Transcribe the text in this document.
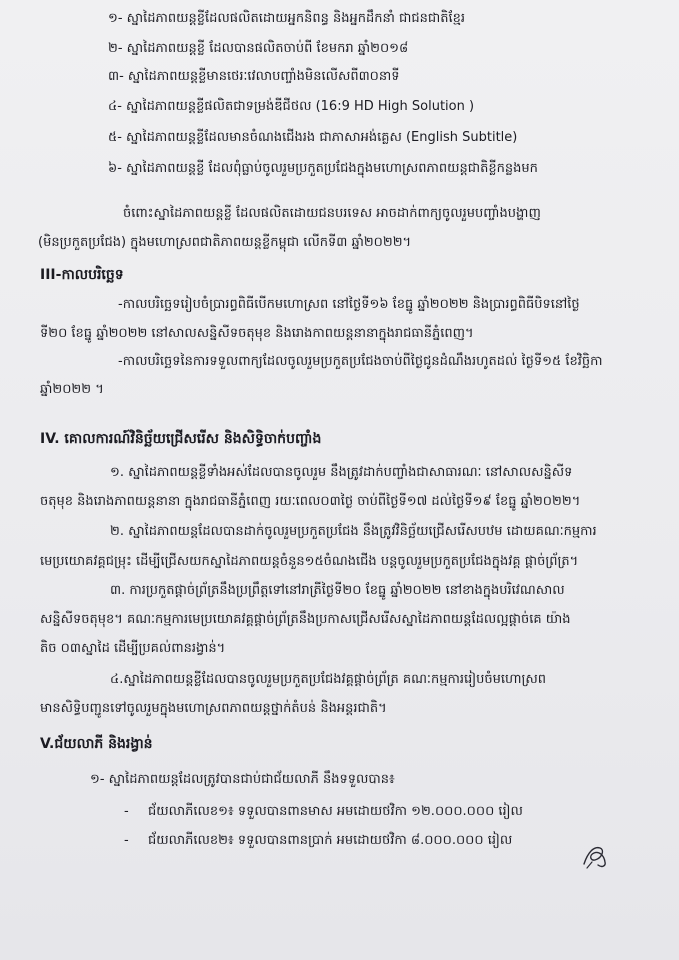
១- ស្នាដៃភាពយន្តខ្លីដែលផលិតដោយអ្នកនិពន្ធ និងអ្នកដឹកនាំ ជាជនជាតិខ្មែរ
២- ស្នាដៃភាពយន្តខ្លី ដែលបានផលិតចាប់ពី ខែមករា ឆ្នាំ២០១៨
៣- ស្នាដៃភាពយន្តខ្លីមានថេរៈវេលាបញ្ចាំងមិនលើសពី៣០នាទី
៤- ស្នាដៃភាពយន្តខ្លីផលិតជាទម្រង់ឌីជីថល (16:9 HD High Solution )
៥- ស្នាដៃភាពយន្តខ្លីដែលមានចំណងជើងរង ជាភាសាអង់គ្លេស (English Subtitle)
៦- ស្នាដៃភាពយន្តខ្លី ដែលពុំធ្លាប់ចូលរួមប្រកួតប្រជែងក្នុងមហោស្រពភាពយន្តជាតិខ្លីកន្លងមក
ចំពោះស្នាដៃភាពយន្តខ្លី ដែលផលិតដោយជនបរទេស អាចដាក់ពាក្យចូលរួមបញ្ចាំងបង្ហាញ
(មិនប្រកួតប្រជែង) ក្នុងមហោស្រពជាតិភាពយន្តខ្លីកម្ពុជា លើកទី៣ ឆ្នាំ២០២២។
III-កាលបរិច្ឆេទ
-កាលបរិច្ឆេទរៀបចំប្រារព្ធពិធីបើកមហោស្រព នៅថ្ងៃទី១៦ ខែធ្នូ ឆ្នាំ២០២២ និងប្រារព្ធពិធីបិទនៅថ្ងៃ
ទី២០ ខែធ្នូ ឆ្នាំ២០២២ នៅសាលសន្និសីទចតុមុខ និងរោងកាពយន្តនានាក្នុងរាជធានីភ្នំពេញ។
-កាលបរិច្ឆេទនៃការទទួលពាក្យដែលចូលរួមប្រកួតប្រជែងចាប់ពីថ្ងៃជូនដំណឹងរហូតដល់ ថ្ងៃទី១៥ ខែវិច្ឆិកា
ឆ្នាំ២០២២ ។
IV. គោលការណ៍វិនិច្ឆ័យជ្រើសរើស និងសិទ្ធិចាក់បញ្ចាំង
១. ស្នាដៃភាពយន្តខ្លីទាំងអស់ដែលបានចូលរួម នឹងត្រូវដាក់បញ្ចាំងជាសាធារណៈ នៅសាលសន្និសីទ
ចតុមុខ និងរោងភាពយន្តនានា ក្នុងរាជធានីភ្នំពេញ រយៈពេល០៣ថ្ងៃ ចាប់ពីថ្ងៃទី១៧ ដល់ថ្ងៃទី១៩ ខែធ្នូ ឆ្នាំ២០២២។
២. ស្នាដៃភាពយន្តដែលបានដាក់ចូលរួមប្រកួតប្រជែង នឹងត្រូវវិនិច្ឆ័យជ្រើសរើសបឋម ដោយគណៈកម្មការ
មេប្រយោគវគ្គជម្រុះ ដើម្បីជ្រើសយកស្នាដៃភាពយន្តចំនួន១៥ចំណងជើង បន្តចូលរួមប្រកួតប្រជែងក្នុងវគ្គ ផ្តាច់ព្រ័ត្រ។
៣. ការប្រកួតផ្តាច់ព្រ័ត្រនឹងប្រព្រឹត្តទៅនៅរាត្រីថ្ងៃទី២០ ខែធ្នូ ឆ្នាំ២០២២ នៅខាងក្នុងបរិវេណសាល
សន្និសីទចតុមុខ។ គណៈកម្មការមេប្រយោគវគ្គផ្តាច់ព្រ័ត្រនឹងប្រកាសជ្រើសរើសស្នាដៃភាពយន្តដែលល្អផ្តាច់គេ យ៉ាង
តិច ០៣ស្នាដៃ ដើម្បីប្រគល់ពានរង្វាន់។
៤.ស្នាដៃភាពយន្តខ្លីដែលបានចូលរួមប្រកួតប្រជែងវគ្គផ្តាច់ព្រ័ត្រ គណៈកម្មការរៀបចំមហោស្រព
មានសិទ្ធិបញ្ជូនទៅចូលរួមក្នុងមហោស្រពភាពយន្តថ្នាក់តំបន់ និងអន្តរជាតិ។
V.ជ័យលាភី និងរង្វាន់
១- ស្នាដៃភាពយន្តដែលត្រូវបានជាប់ជាជ័យលាភី នឹងទទួលបាន៖
- ជ័យលាភីលេខ១៖ ទទួលបានពានមាស អមដោយថវិកា ១២.០០០.០០០ រៀល
- ជ័យលាភីលេខ២៖ ទទួលបានពានប្រាក់ អមដោយថវិកា ៨.០០០.០០០ រៀល
